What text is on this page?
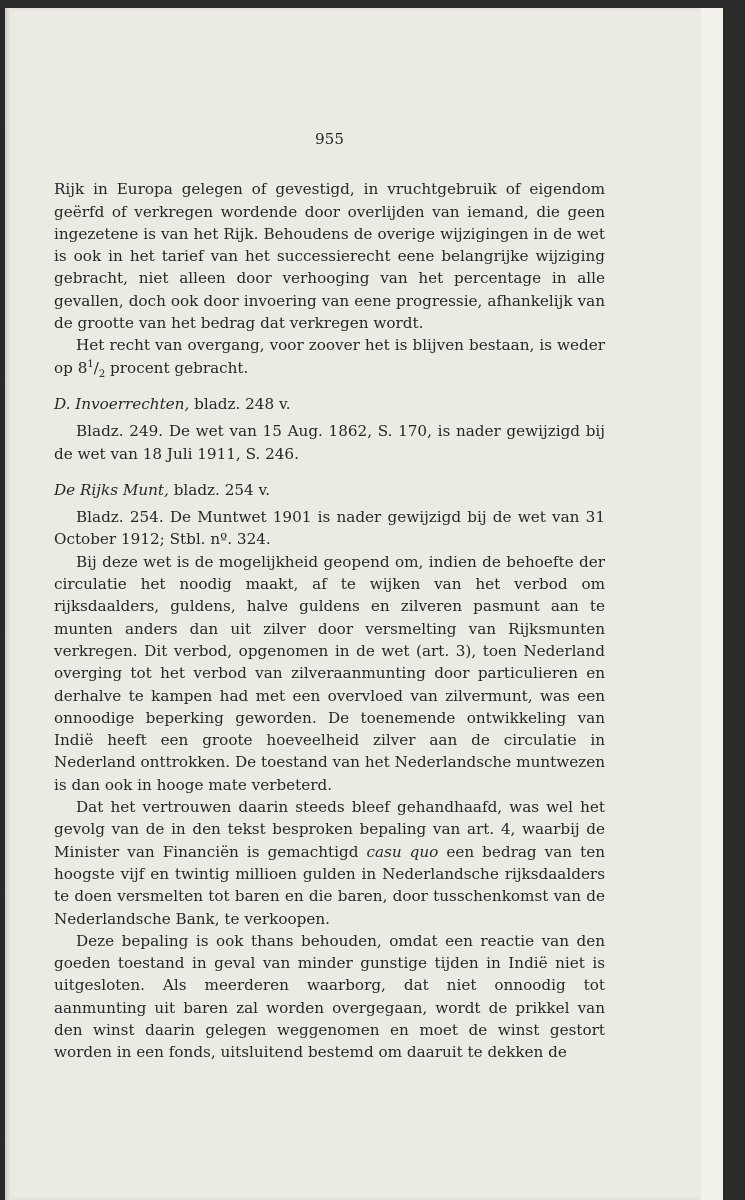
955

Rijk in Europa gelegen of gevestigd, in vruchtgebruik of eigendom geërfd of verkregen wordende door overlijden van iemand, die geen ingezetene is van het Rijk. Behoudens de overige wijzigingen in de wet is ook in het tarief van het successierecht eene belangrijke wijziging gebracht, niet alleen door verhooging van het percentage in alle gevallen, doch ook door invoering van eene progressie, afhankelijk van de grootte van het bedrag dat verkregen wordt.

Het recht van overgang, voor zoover het is blijven bestaan, is weder op $8^1/_2$ procent gebracht.

D. Invoerrechten, bladz. 248 v.

Bladz. 249. De wet van 15 Aug. 1862, S. 170, is nader gewijzigd bij de wet van 18 Juli 1911, S. 246.

De Rijks Munt, bladz. 254 v.

Bladz. 254. De Muntwet 1901 is nader gewijzigd bij de wet van 31 October 1912; Stbl. nº. 324.

Bij deze wet is de mogelijkheid geopend om, indien de behoefte der circulatie het noodig maakt, af te wijken van het verbod om rijksdaalders, guldens, halve guldens en zilveren pasmunt aan te munten anders dan uit zilver door versmelting van Rijksmunten verkregen. Dit verbod, opgenomen in de wet (art. 3), toen Nederland overging tot het verbod van zilveraanmunting door particulieren en derhalve te kampen had met een overvloed van zilvermunt, was een onnoodige beperking geworden. De toenemende ontwikkeling van Indië heeft een groote hoeveelheid zilver aan de circulatie in Nederland onttrokken. De toestand van het Nederlandsche muntwezen is dan ook in hooge mate verbeterd.

Dat het vertrouwen daarin steeds bleef gehandhaafd, was wel het gevolg van de in den tekst besproken bepaling van art. 4, waarbij de Minister van Financiën is gemachtigd casu quo een bedrag van ten hoogste vijf en twintig millioen gulden in Nederlandsche rijksdaalders te doen versmelten tot baren en die baren, door tusschenkomst van de Nederlandsche Bank, te verkoopen.

Deze bepaling is ook thans behouden, omdat een reactie van den goeden toestand in geval van minder gunstige tijden in Indië niet is uitgesloten. Als meerderen waarborg, dat niet onnoodig tot aanmunting uit baren zal worden overgegaan, wordt de prikkel van den winst daarin gelegen weggenomen en moet de winst gestort worden in een fonds, uitsluitend bestemd om daaruit te dekken de
